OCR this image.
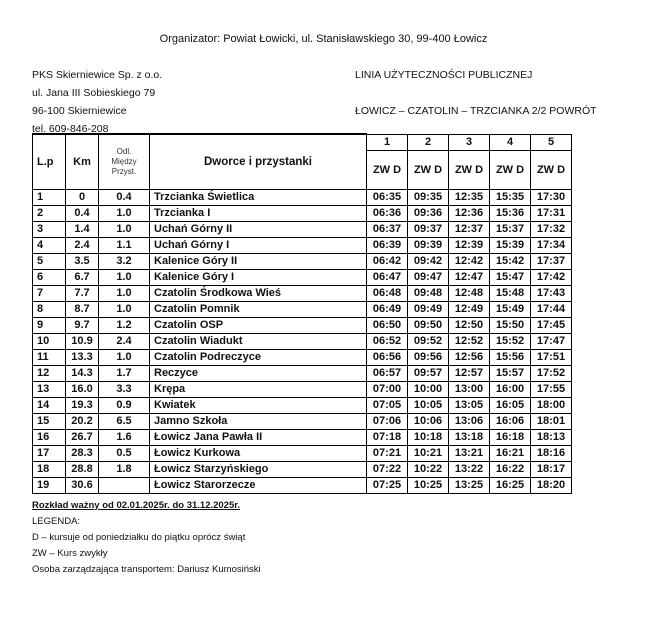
Organizator: Powiat Łowicki, ul. Stanisławskiego 30, 99-400 Łowicz
PKS Skierniewice Sp. z o.o.
ul. Jana III Sobieskiego 79
96-100 Skierniewice
tel. 609-846-208
LINIA UŻYTECZNOŚCI PUBLICZNEJ
ŁOWICZ – CZATOLIN – TRZCIANKA 2/2 POWRÓT
L.p	Km	Odl.
Między
Przyst.	Dworce i przystanki	1	2	3	4	5
				ZW D	ZW D	ZW D	ZW D	ZW D
1	0	0.4	Trzcianka Świetlica	06:35	09:35	12:35	15:35	17:30
2	0.4	1.0	Trzcianka I	06:36	09:36	12:36	15:36	17:31
3	1.4	1.0	Uchań Górny II	06:37	09:37	12:37	15:37	17:32
4	2.4	1.1	Uchań Górny I	06:39	09:39	12:39	15:39	17:34
5	3.5	3.2	Kalenice Góry II	06:42	09:42	12:42	15:42	17:37
6	6.7	1.0	Kalenice Góry I	06:47	09:47	12:47	15:47	17:42
7	7.7	1.0	Czatolin Środkowa Wieś	06:48	09:48	12:48	15:48	17:43
8	8.7	1.0	Czatolin Pomnik	06:49	09:49	12:49	15:49	17:44
9	9.7	1.2	Czatolin OSP	06:50	09:50	12:50	15:50	17:45
10	10.9	2.4	Czatolin Wiadukt	06:52	09:52	12:52	15:52	17:47
11	13.3	1.0	Czatolin Podreczyce	06:56	09:56	12:56	15:56	17:51
12	14.3	1.7	Reczyce	06:57	09:57	12:57	15:57	17:52
13	16.0	3.3	Krępa	07:00	10:00	13:00	16:00	17:55
14	19.3	0.9	Kwiatek	07:05	10:05	13:05	16:05	18:00
15	20.2	6.5	Jamno Szkoła	07:06	10:06	13:06	16:06	18:01
16	26.7	1.6	Łowicz Jana Pawła II	07:18	10:18	13:18	16:18	18:13
17	28.3	0.5	Łowicz Kurkowa	07:21	10:21	13:21	16:21	18:16
18	28.8	1.8	Łowicz Starzyńskiego	07:22	10:22	13:22	16:22	18:17
19	30.6		Łowicz Starorzecze	07:25	10:25	13:25	16:25	18:20
Rozkład ważny od 02.01.2025r. do 31.12.2025r.
LEGENDA:
D – kursuje od poniedziałku do piątku oprócz świąt
ZW – Kurs zwykły
Osoba zarządzająca transportem: Dariusz Kumosiński
